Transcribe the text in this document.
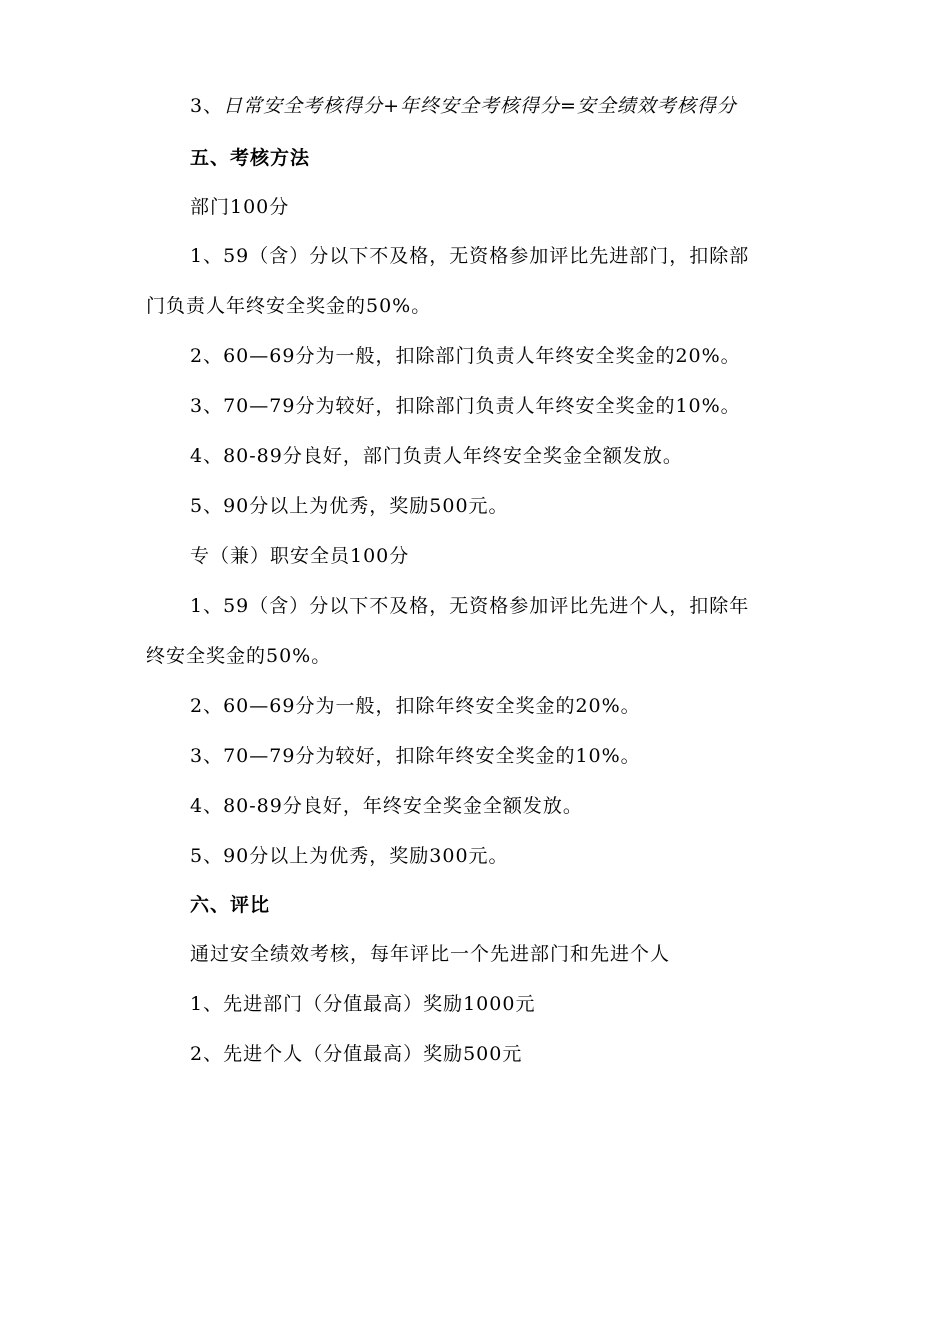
3、日常安全考核得分+年终安全考核得分=安全绩效考核得分
五、考核方法
部门100分
1、59（含）分以下不及格，无资格参加评比先进部门，扣除部
门负责人年终安全奖金的50%。
2、60—69分为一般，扣除部门负责人年终安全奖金的20%。
3、70—79分为较好，扣除部门负责人年终安全奖金的10%。
4、80-89分良好，部门负责人年终安全奖金全额发放。
5、90分以上为优秀，奖励500元。
专（兼）职安全员100分
1、59（含）分以下不及格，无资格参加评比先进个人，扣除年
终安全奖金的50%。
2、60—69分为一般，扣除年终安全奖金的20%。
3、70—79分为较好，扣除年终安全奖金的10%。
4、80-89分良好，年终安全奖金全额发放。
5、90分以上为优秀，奖励300元。
六、评比
通过安全绩效考核，每年评比一个先进部门和先进个人
1、先进部门（分值最高）奖励1000元
2、先进个人（分值最高）奖励500元
